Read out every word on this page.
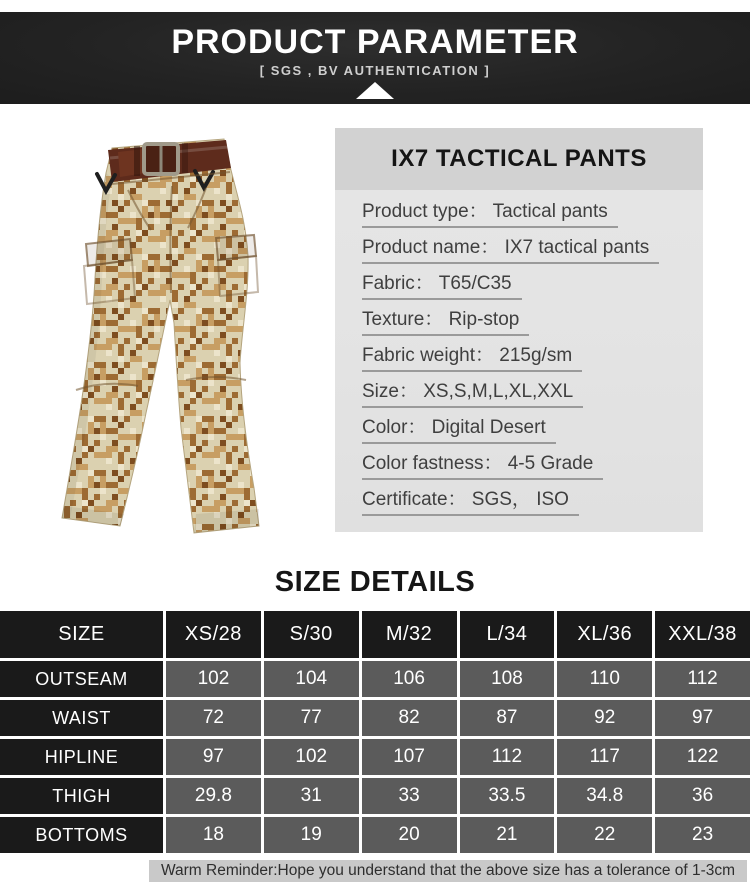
PRODUCT PARAMETER
[ SGS , BV AUTHENTICATION ]
IX7 TACTICAL PANTS
Product type： Tactical pants
Product name： IX7 tactical pants
Fabric： T65/C35
Texture： Rip-stop
Fabric weight： 215g/sm
Size： XS,S,M,L,XL,XXL
Color： Digital Desert
Color fastness： 4-5 Grade
Certificate： SGS， ISO
SIZE DETAILS
SIZE	XS/28	S/30	M/32	L/34	XL/36	XXL/38
OUTSEAM	102	104	106	108	110	112
WAIST	72	77	82	87	92	97
HIPLINE	97	102	107	112	117	122
THIGH	29.8	31	33	33.5	34.8	36
BOTTOMS	18	19	20	21	22	23
Warm Reminder:Hope you understand that the above size has a tolerance of 1-3cm
